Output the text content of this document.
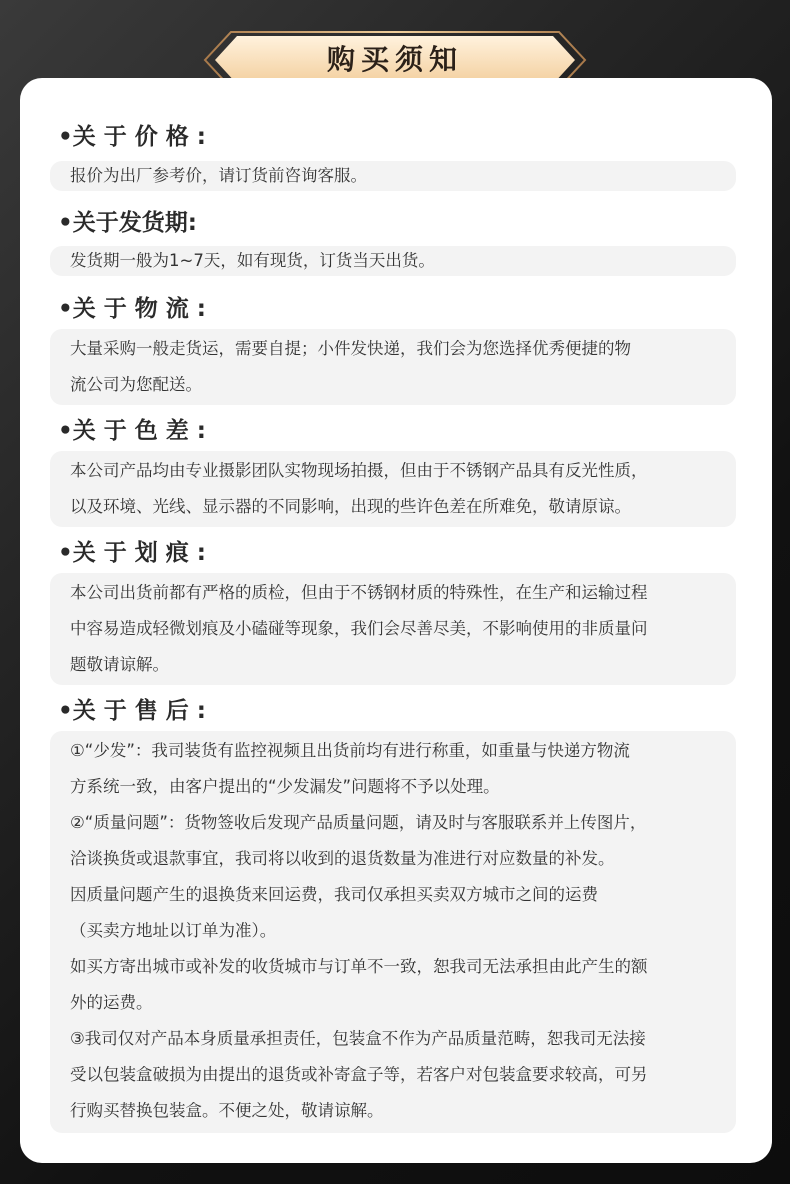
购买须知
•关 于 价 格 :
报价为出厂参考价，请订货前咨询客服。
•关于发货期:
发货期一般为1~7天，如有现货，订货当天出货。
•关 于 物 流 :
大量采购一般走货运，需要自提；小件发快递，我们会为您选择优秀便捷的物
流公司为您配送。
•关 于 色 差 :
本公司产品均由专业摄影团队实物现场拍摄，但由于不锈钢产品具有反光性质，
以及环境、光线、显示器的不同影响，出现的些许色差在所难免，敬请原谅。
•关 于 划 痕 :
本公司出货前都有严格的质检，但由于不锈钢材质的特殊性，在生产和运输过程
中容易造成轻微划痕及小磕碰等现象，我们会尽善尽美，不影响使用的非质量问
题敬请谅解。
•关 于 售 后 :
①“少发”：我司装货有监控视频且出货前均有进行称重，如重量与快递方物流
方系统一致，由客户提出的“少发漏发”问题将不予以处理。
②“质量问题”：货物签收后发现产品质量问题，请及时与客服联系并上传图片，
洽谈换货或退款事宜，我司将以收到的退货数量为准进行对应数量的补发。
因质量问题产生的退换货来回运费，我司仅承担买卖双方城市之间的运费
（买卖方地址以订单为准）。
如买方寄出城市或补发的收货城市与订单不一致，恕我司无法承担由此产生的额
外的运费。
③我司仅对产品本身质量承担责任，包装盒不作为产品质量范畴，恕我司无法接
受以包装盒破损为由提出的退货或补寄盒子等，若客户对包装盒要求较高，可另
行购买替换包装盒。不便之处，敬请谅解。
